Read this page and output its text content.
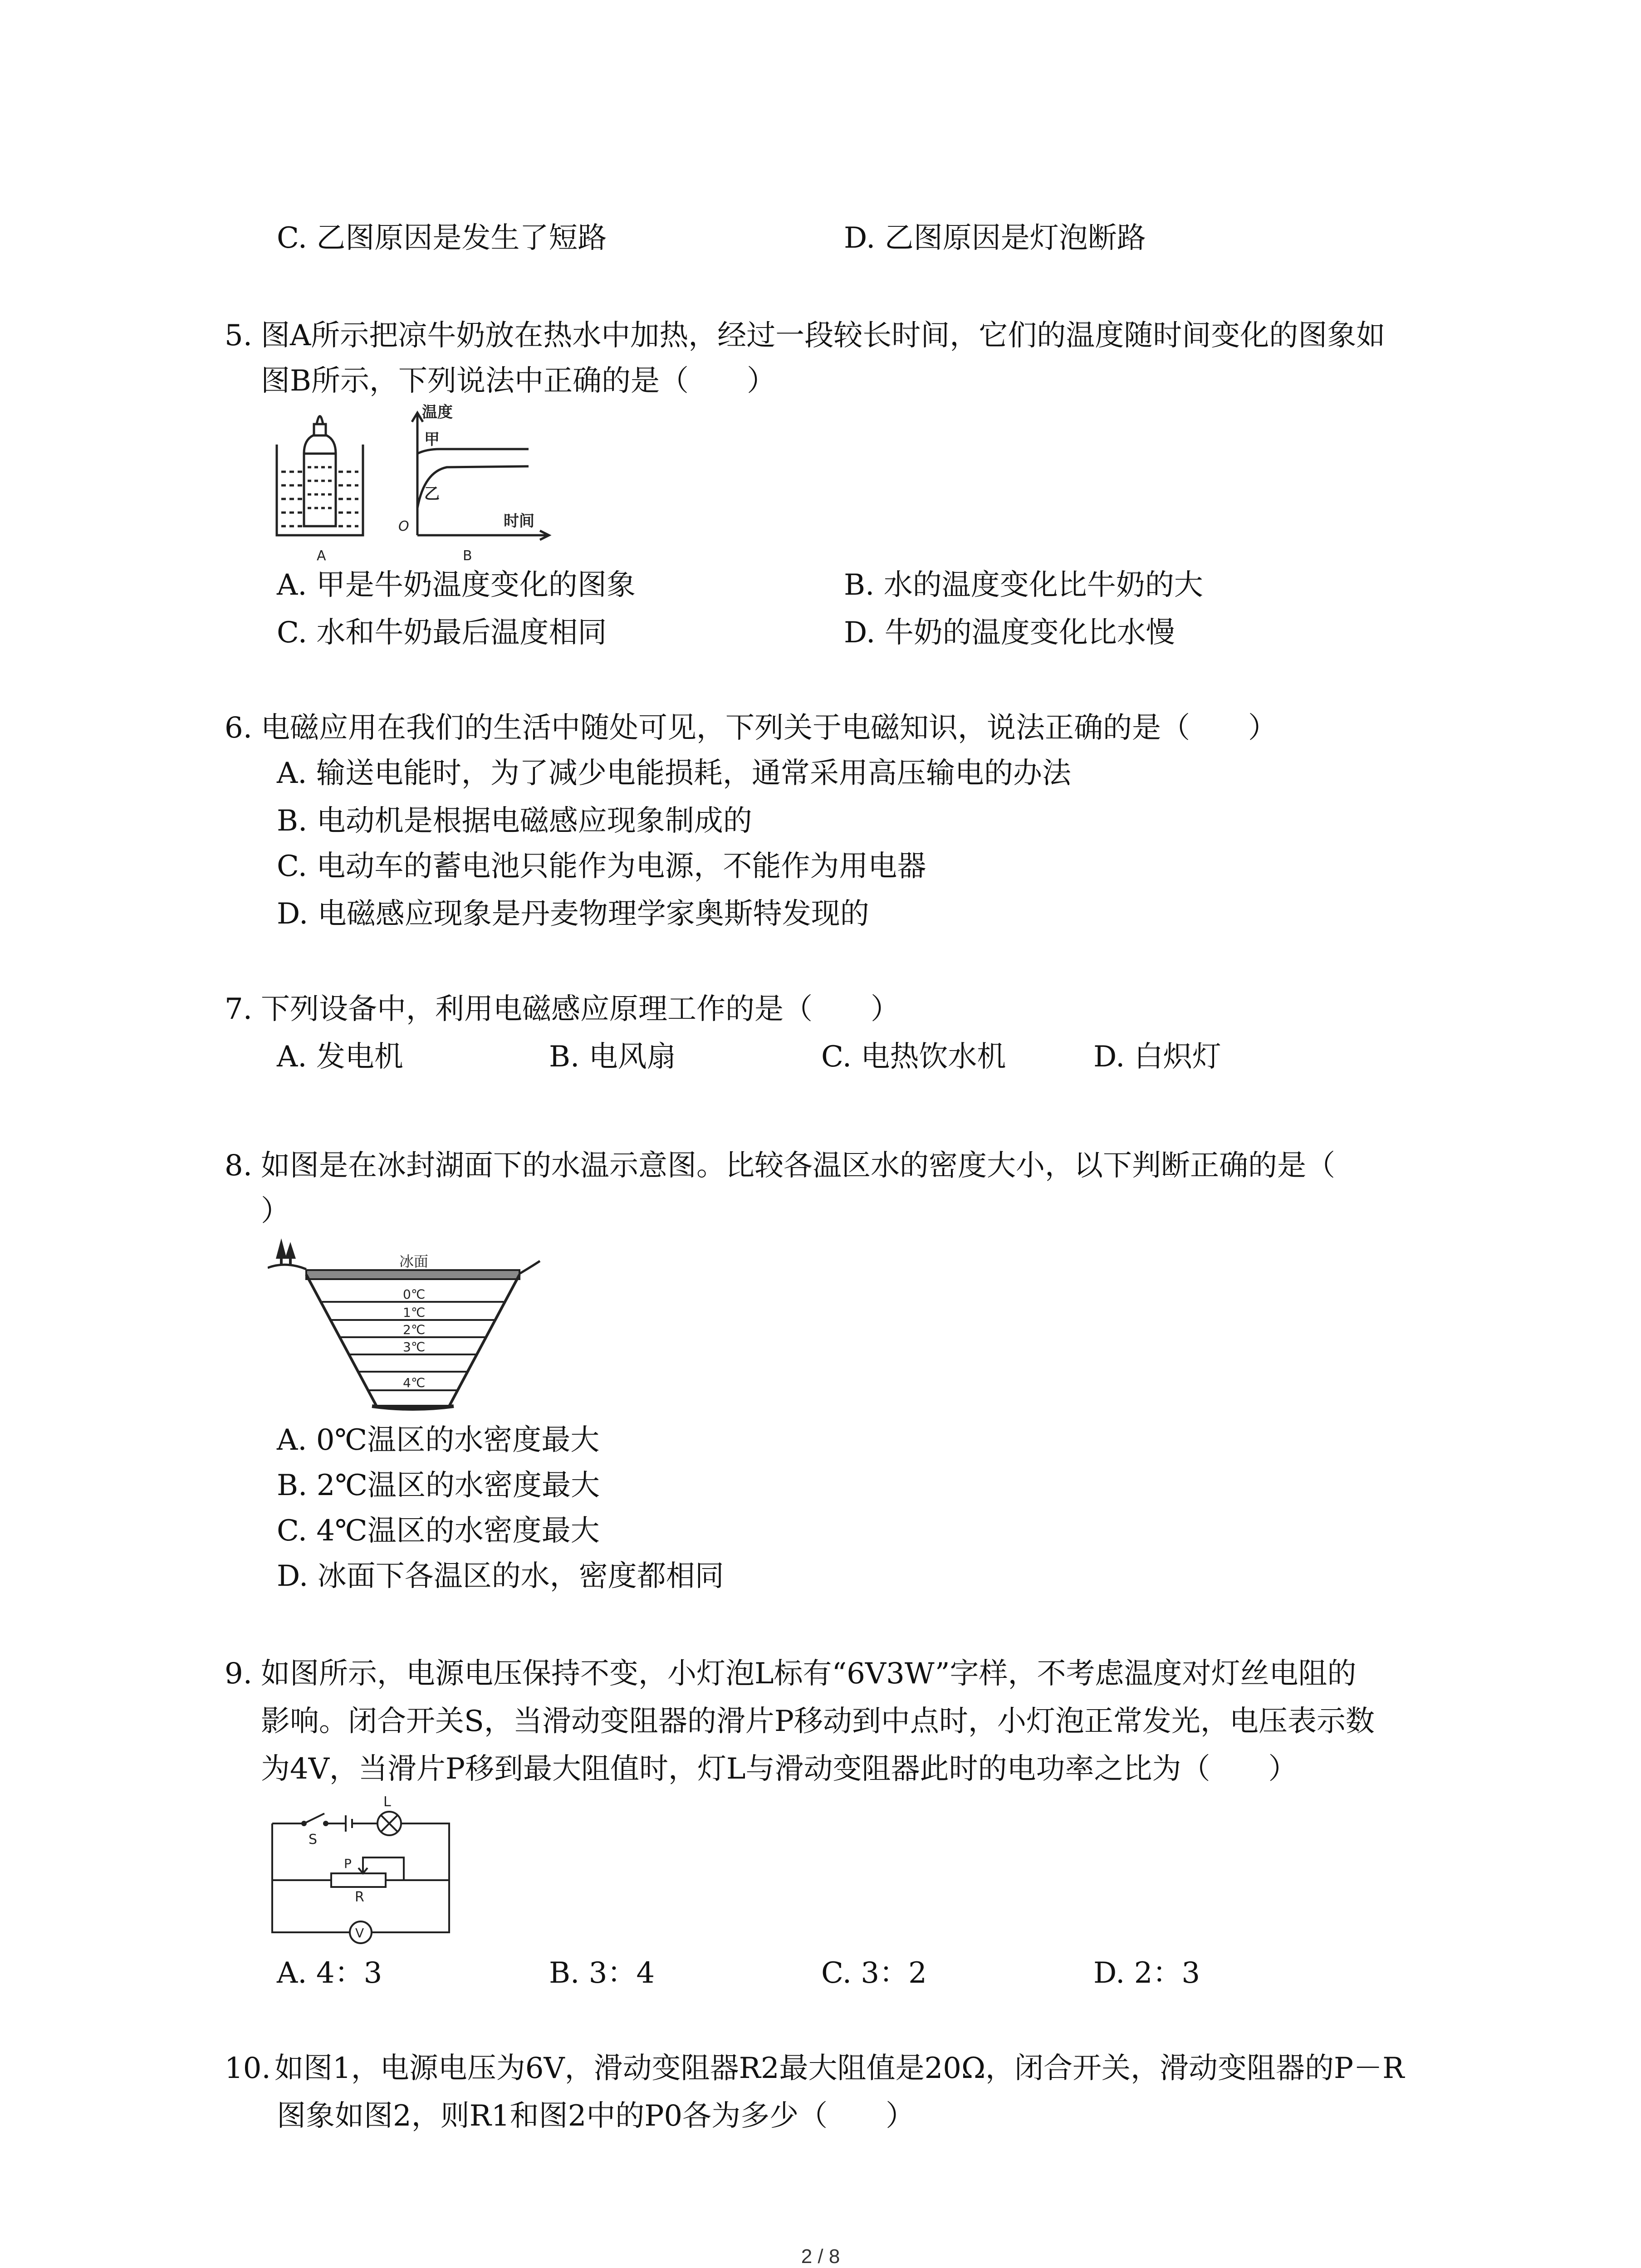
C. 乙图原因是发生了短路	D. 乙图原因是灯泡断路
5. 图A所示把凉牛奶放在热水中加热，经过一段较长时间，它们的温度随时间变化的图象如
图B所示，下列说法中正确的是（　　）
A
温度
甲
乙
时间
O
B
A. 甲是牛奶温度变化的图象	B. 水的温度变化比牛奶的大
C. 水和牛奶最后温度相同	D. 牛奶的温度变化比水慢
6. 电磁应用在我们的生活中随处可见，下列关于电磁知识，说法正确的是（　　）
A. 输送电能时，为了减少电能损耗，通常采用高压输电的办法
B. 电动机是根据电磁感应现象制成的
C. 电动车的蓄电池只能作为电源，不能作为用电器
D. 电磁感应现象是丹麦物理学家奥斯特发现的
7. 下列设备中，利用电磁感应原理工作的是（　　）
A. 发电机	B. 电风扇	C. 电热饮水机	D. 白炽灯
8. 如图是在冰封湖面下的水温示意图。比较各温区水的密度大小，以下判断正确的是（
）
冰面
0℃
1℃
2℃
3℃
4℃
A. 0℃温区的水密度最大
B. 2℃温区的水密度最大
C. 4℃温区的水密度最大
D. 冰面下各温区的水，密度都相同
9. 如图所示，电源电压保持不变，小灯泡L标有“6V3W”字样，不考虑温度对灯丝电阻的
影响。闭合开关S，当滑动变阻器的滑片P移动到中点时，小灯泡正常发光，电压表示数
为4V，当滑片P移到最大阻值时，灯L与滑动变阻器此时的电功率之比为（　　）
S
L
P
R
V
A. 4：3	B. 3：4	C. 3：2	D. 2：3
10. 如图1，电源电压为6V，滑动变阻器R2最大阻值是20Ω，闭合开关，滑动变阻器的P－R
图象如图2，则R1和图2中的P0各为多少（　　）
2 / 8
